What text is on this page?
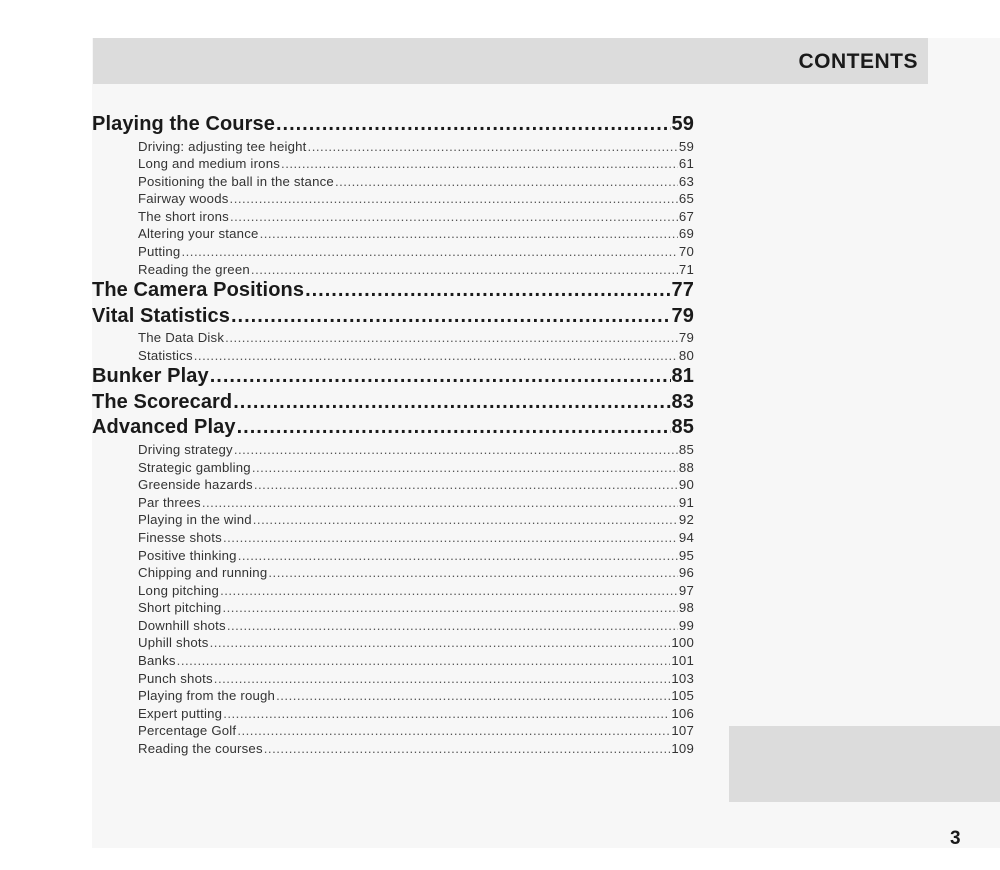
CONTENTS
Playing the Course .....	59
Driving: adjusting tee height .....	59
Long and medium irons .....	61
Positioning the ball in the stance .....	63
Fairway woods .....	65
The short irons .....	67
Altering your stance .....	69
Putting .....	70
Reading the green .....	71
The Camera Positions .....	77
Vital Statistics .....	79
The Data Disk .....	79
Statistics .....	80
Bunker Play .....	81
The Scorecard .....	83
Advanced Play .....	85
Driving strategy .....	85
Strategic gambling .....	88
Greenside hazards .....	90
Par threes .....	91
Playing in the wind .....	92
Finesse shots .....	94
Positive thinking .....	95
Chipping and running .....	96
Long pitching .....	97
Short pitching .....	98
Downhill shots .....	99
Uphill shots .....	100
Banks .....	101
Punch shots .....	103
Playing from the rough .....	105
Expert putting .....	106
Percentage Golf .....	107
Reading the courses .....	109
3
